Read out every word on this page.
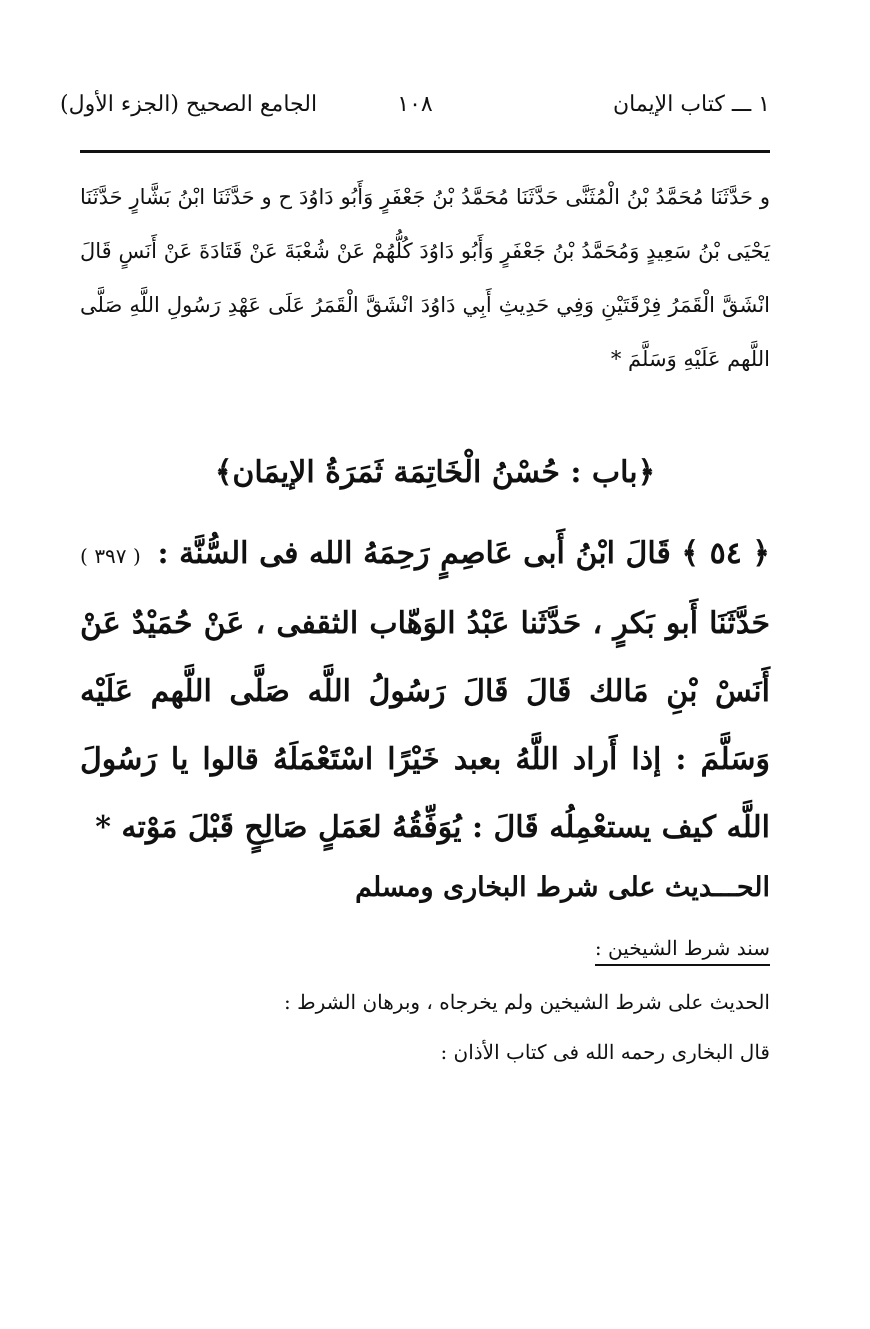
١ ـــ كتاب الإيمان
١٠٨
الجامع الصحيح (الجزء الأول)

و حَدَّثَنَا مُحَمَّدُ بْنُ الْمُثَنَّى حَدَّثَنَا مُحَمَّدُ بْنُ جَعْفَرٍ وَأَبُو دَاوُدَ ح و حَدَّثَنَا ابْنُ بَشَّارٍ حَدَّثَنَا يَحْيَى بْنُ سَعِيدٍ وَمُحَمَّدُ بْنُ جَعْفَرٍ وَأَبُو دَاوُدَ كُلُّهُمْ عَنْ شُعْبَةَ عَنْ قَتَادَةَ عَنْ أَنَسٍ قَالَ انْشَقَّ الْقَمَرُ فِرْقَتَيْنِ وَفِي حَدِيثِ أَبِي دَاوُدَ انْشَقَّ الْقَمَرُ عَلَى عَهْدِ رَسُولِ اللَّهِ صَلَّى اللَّهم عَلَيْهِ وَسَلَّمَ *

﴿باب : حُسْنُ الْخَاتِمَة ثَمَرَةُ الإيمَان﴾

﴿ ٥٤ ﴾ قَالَ ابْنُ أَبى عَاصِمٍ رَحِمَهُ الله فى السُّنَّة : ( ٣٩٧ ) حَدَّثَنَا أَبو بَكرٍ ، حَدَّثَنا عَبْدُ الوَهّاب الثقفى ، عَنْ حُمَيْدٌ عَنْ أَنَسْ بْنِ مَالك قَالَ قَالَ رَسُولُ اللَّه صَلَّى اللَّهم عَلَيْه وَسَلَّمَ : إذا أَراد اللَّهُ بعبد خَيْرًا اسْتَعْمَلَهُ قالوا يا رَسُولَ اللَّه كيف يستعْمِلُه قَالَ : يُوَفِّقُهُ لعَمَلٍ صَالِحٍ قَبْلَ مَوْته *

الحـــديث على شرط البخارى ومسلم
سند شرط الشيخين :
الحديث على شرط الشيخين ولم يخرجاه ، وبرهان الشرط :
قال البخارى رحمه الله فى كتاب الأذان :
